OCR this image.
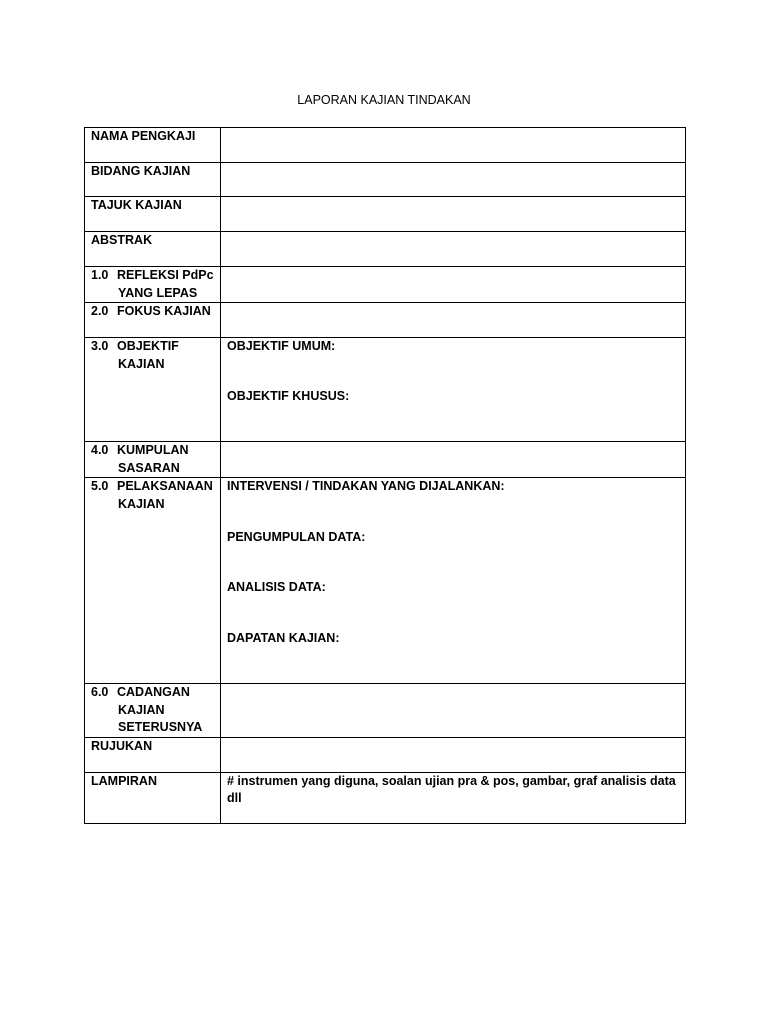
LAPORAN KAJIAN TINDAKAN
NAMA PENGKAJI	

BIDANG KAJIAN	

TAJUK KAJIAN	

ABSTRAK	

1.0 REFLEKSI PdPc
YANG LEPAS	

2.0 FOKUS KAJIAN	

3.0 OBJEKTIF
KAJIAN	OBJEKTIF UMUM:
OBJEKTIF KHUSUS:

4.0 KUMPULAN
SASARAN	

5.0 PELAKSANAAN
KAJIAN	INTERVENSI / TINDAKAN YANG DIJALANKAN:
PENGUMPULAN DATA:
ANALISIS DATA:
DAPATAN KAJIAN:

6.0 CADANGAN
KAJIAN
SETERUSNYA	

RUJUKAN	

LAMPIRAN	# instrumen yang diguna, soalan ujian pra & pos, gambar, graf analisis data dll
